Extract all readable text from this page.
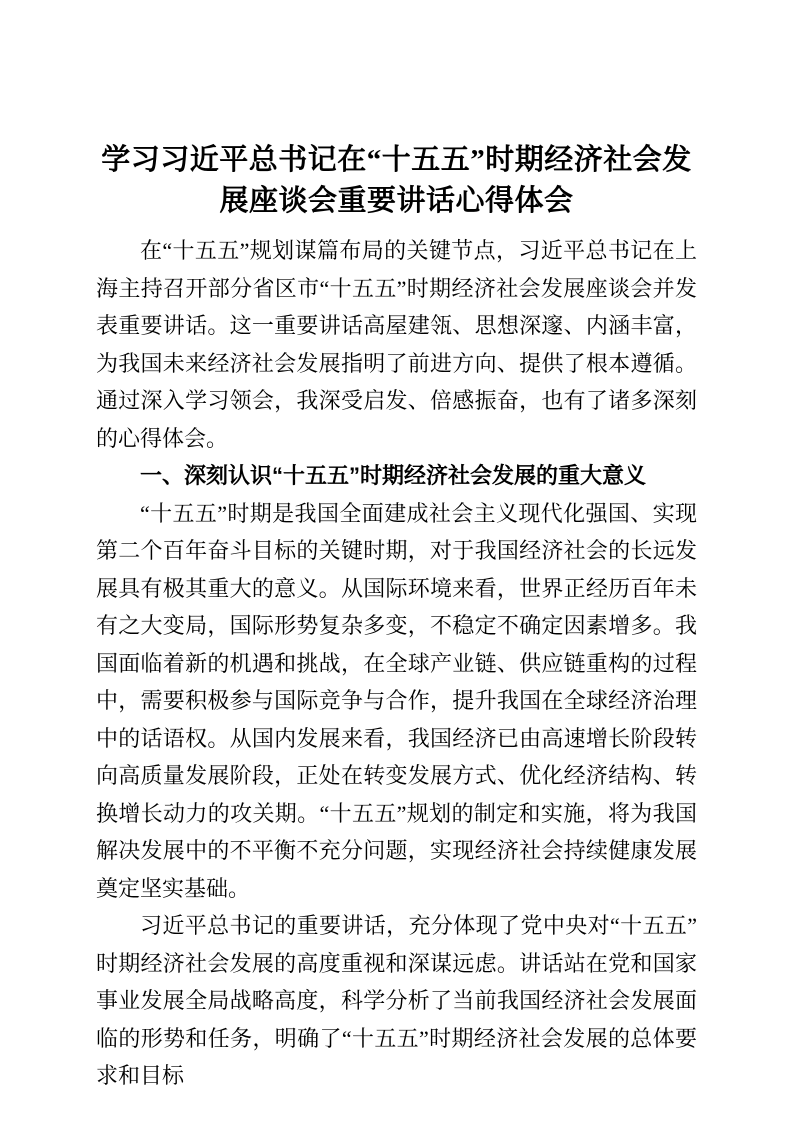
学习习近平总书记在“十五五”时期经济社会发展座谈会重要讲话心得体会

在“十五五”规划谋篇布局的关键节点，习近平总书记在上海主持召开部分省区市“十五五”时期经济社会发展座谈会并发表重要讲话。这一重要讲话高屋建瓴、思想深邃、内涵丰富，为我国未来经济社会发展指明了前进方向、提供了根本遵循。通过深入学习领会，我深受启发、倍感振奋，也有了诸多深刻的心得体会。

一、深刻认识“十五五”时期经济社会发展的重大意义

“十五五”时期是我国全面建成社会主义现代化强国、实现第二个百年奋斗目标的关键时期，对于我国经济社会的长远发展具有极其重大的意义。从国际环境来看，世界正经历百年未有之大变局，国际形势复杂多变，不稳定不确定因素增多。我国面临着新的机遇和挑战，在全球产业链、供应链重构的过程中，需要积极参与国际竞争与合作，提升我国在全球经济治理中的话语权。从国内发展来看，我国经济已由高速增长阶段转向高质量发展阶段，正处在转变发展方式、优化经济结构、转换增长动力的攻关期。“十五五”规划的制定和实施，将为我国解决发展中的不平衡不充分问题，实现经济社会持续健康发展奠定坚实基础。

习近平总书记的重要讲话，充分体现了党中央对“十五五”时期经济社会发展的高度重视和深谋远虑。讲话站在党和国家事业发展全局战略高度，科学分析了当前我国经济社会发展面临的形势和任务，明确了“十五五”时期经济社会发展的总体要求和目标
